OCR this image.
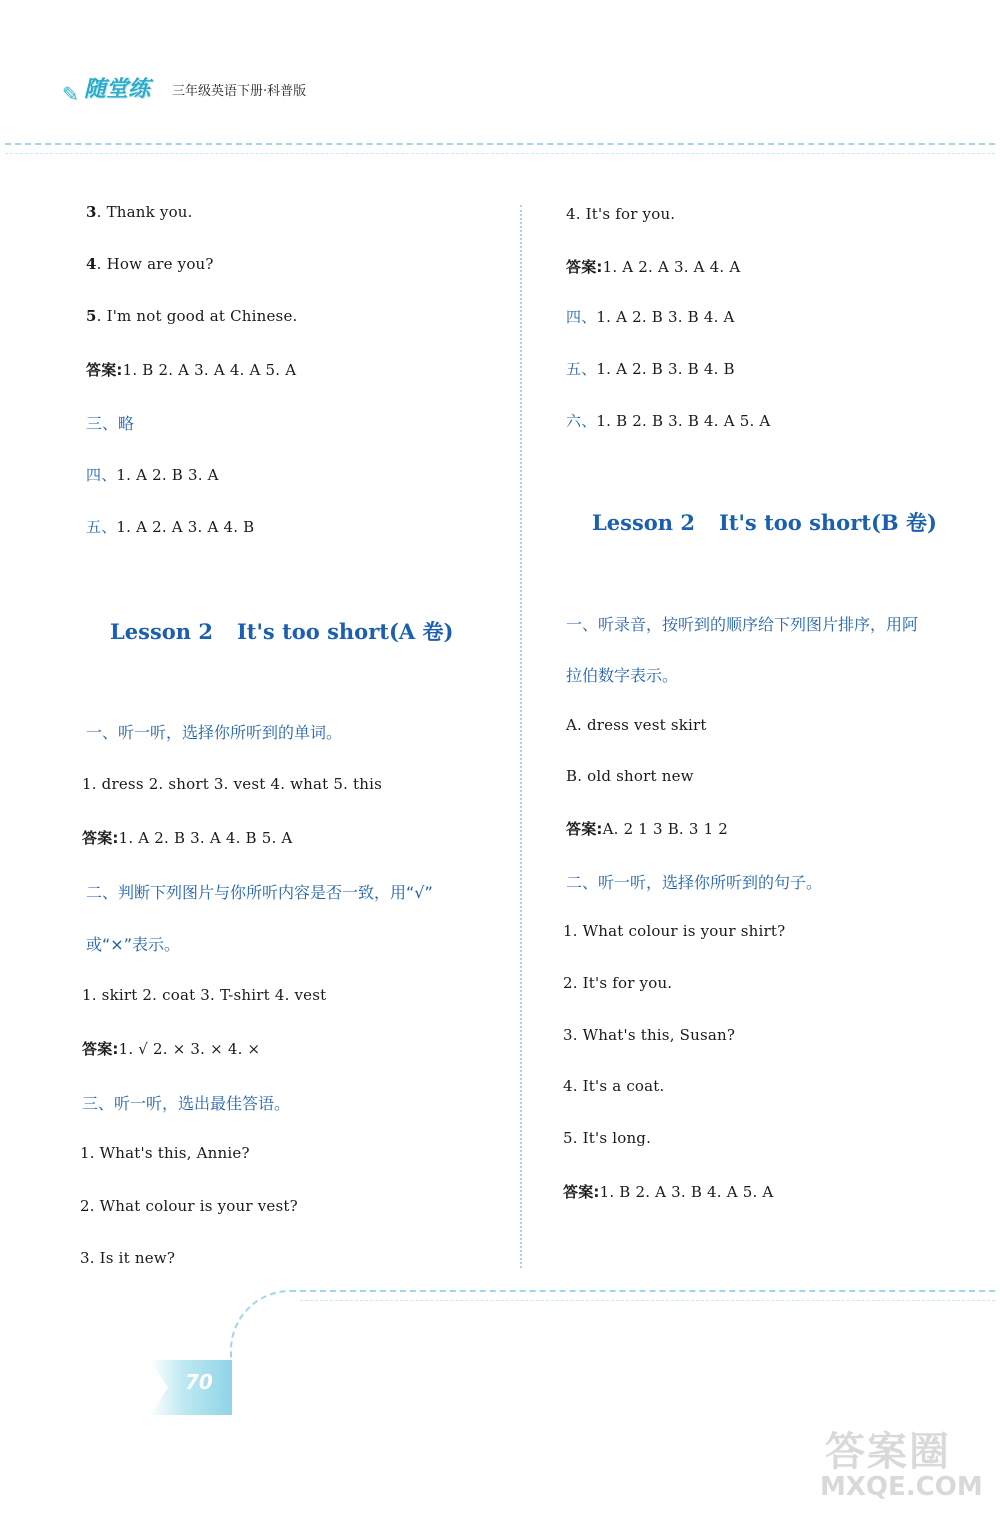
✎ 随堂练	三年级英语下册·科普版
3. Thank you.
4. How are you?
5. I'm not good at Chinese.
答案:1. B 2. A 3. A 4. A 5. A
三、略
四、1. A 2. B 3. A
五、1. A 2. A 3. A 4. B
Lesson 2 It's too short(A 卷)
一、听一听，选择你所听到的单词。
1. dress 2. short 3. vest 4. what 5. this
答案:1. A 2. B 3. A 4. B 5. A
二、判断下列图片与你所听内容是否一致，用“√”
或“×”表示。
1. skirt 2. coat 3. T-shirt 4. vest
答案:1. √ 2. × 3. × 4. ×
三、听一听，选出最佳答语。
1. What's this, Annie?
2. What colour is your vest?
3. Is it new?
4. It's for you.
答案:1. A 2. A 3. A 4. A
四、1. A 2. B 3. B 4. A
五、1. A 2. B 3. B 4. B
六、1. B 2. B 3. B 4. A 5. A
Lesson 2 It's too short(B 卷)
一、听录音，按听到的顺序给下列图片排序，用阿
拉伯数字表示。
A. dress vest skirt
B. old short new
答案:A. 2 1 3 B. 3 1 2
二、听一听，选择你所听到的句子。
1. What colour is your shirt?
2. It's for you.
3. What's this, Susan?
4. It's a coat.
5. It's long.
答案:1. B 2. A 3. B 4. A 5. A
70
答案圈
MXQE.COM
